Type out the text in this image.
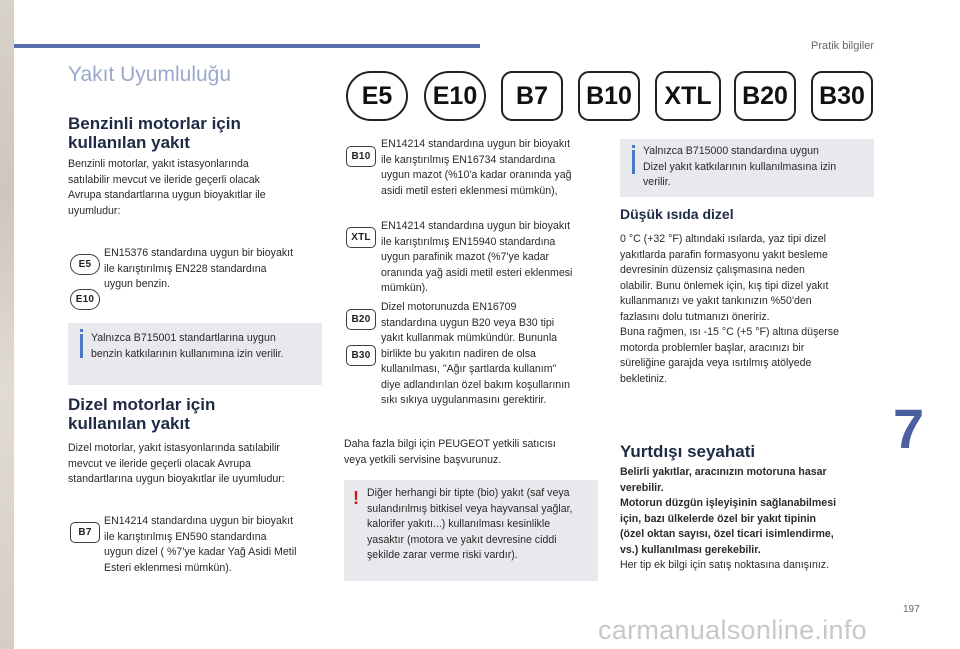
Pratik bilgiler
Yakıt Uyumluluğu
E5	E10	B7	B10	XTL	B20	B30
Benzinli motorlar için
kullanılan yakıt
Benzinli motorlar, yakıt istasyonlarında
satılabilir mevcut ve ileride geçerli olacak
Avrupa standartlarına uygun bioyakıtlar ile
uyumludur:
E5
E10
EN15376 standardına uygun bir bioyakıt
ile karıştırılmış EN228 standardına
uygun benzin.
Yalnızca B715001 standartlarına uygun
benzin katkılarının kullanımına izin verilir.
Dizel motorlar için
kullanılan yakıt
Dizel motorlar, yakıt istasyonlarında satılabilir
mevcut ve ileride geçerli olacak Avrupa
standartlarına uygun bioyakıtlar ile uyumludur:
B7
EN14214 standardına uygun bir bioyakıt
ile karıştırılmış EN590 standardına
uygun dizel ( %7'ye kadar Yağ Asidi Metil
Esteri eklenmesi mümkün).
B10
EN14214 standardına uygun bir bioyakıt
ile karıştırılmış EN16734 standardına
uygun mazot (%10'a kadar oranında yağ
asidi metil esteri eklenmesi mümkün),
XTL
EN14214 standardına uygun bir bioyakıt
ile karıştırılmış EN15940 standardına
uygun parafinik mazot (%7'ye kadar
oranında yağ asidi metil esteri eklenmesi
mümkün).
B20
B30
Dizel motorunuzda EN16709
standardına uygun B20 veya B30 tipi
yakıt kullanmak mümkündür. Bununla
birlikte bu yakıtın nadiren de olsa
kullanılması, "Ağır şartlarda kullanım"
diye adlandırılan özel bakım koşullarının
sıkı sıkıya uygulanmasını gerektirir.
Daha fazla bilgi için PEUGEOT yetkili satıcısı
veya yetkili servisine başvurunuz.
! Diğer herhangi bir tipte (bio) yakıt (saf veya
sulandırılmış bitkisel veya hayvansal yağlar,
kalorifer yakıtı...) kullanılması kesinlikle
yasaktır (motora ve yakıt devresine ciddi
şekilde zarar verme riski vardır).
Yalnızca B715000 standardına uygun
Dizel yakıt katkılarının kullanılmasına izin
verilir.
Düşük ısıda dizel
0 °C (+32 °F) altındaki ısılarda, yaz tipi dizel
yakıtlarda parafin formasyonu yakıt besleme
devresinin düzensiz çalışmasına neden
olabilir. Bunu önlemek için, kış tipi dizel yakıt
kullanmanızı ve yakıt tankınızın %50'den
fazlasını dolu tutmanızı öneririz.
Buna rağmen, ısı -15 °C (+5 °F) altına düşerse
motorda problemler başlar, aracınızı bir
süreliğine garajda veya ısıtılmış atölyede
bekletiniz.
Yurtdışı seyahati
Belirli yakıtlar, aracınızın motoruna hasar
verebilir.
Motorun düzgün işleyişinin sağlanabilmesi
için, bazı ülkelerde özel bir yakıt tipinin
(özel oktan sayısı, özel ticari isimlendirme,
vs.) kullanılması gerekebilir.
Her tip ek bilgi için satış noktasına danışınız.
7
197
carmanualsonline.info
